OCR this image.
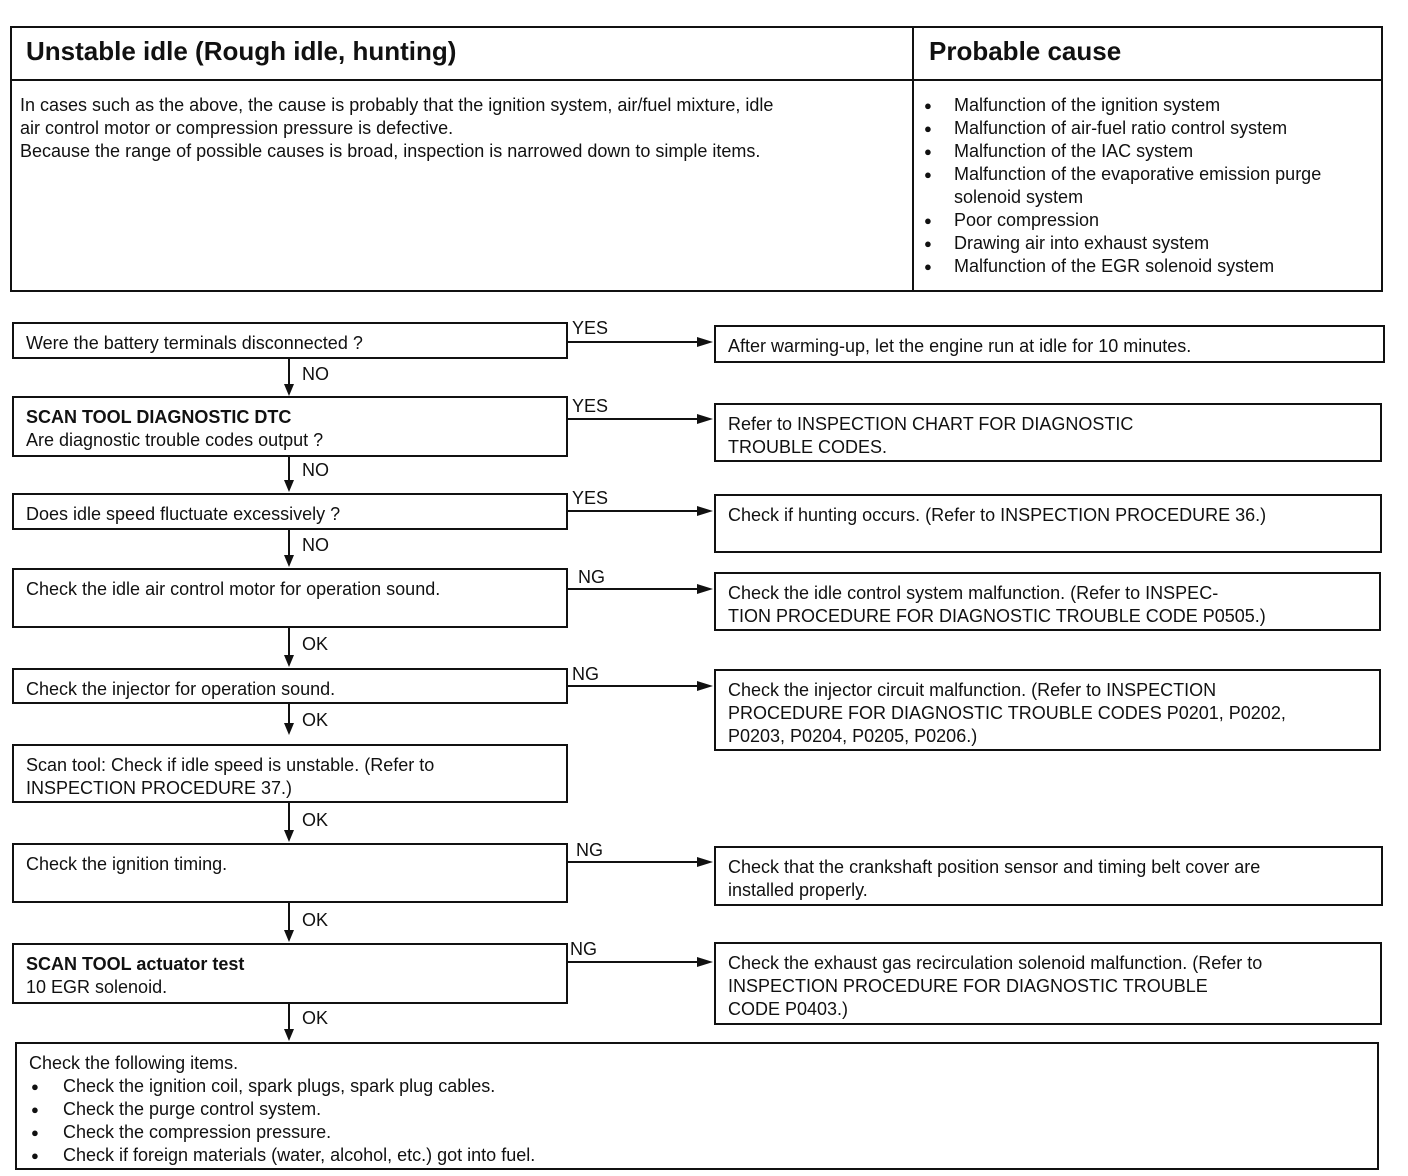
Unstable idle (Rough idle, hunting)	Probable cause
In cases such as the above, the cause is probably that the ignition system, air/fuel mixture, idle
air control motor or compression pressure is defective.
Because the range of possible causes is broad, inspection is narrowed down to simple items.
● Malfunction of the ignition system
● Malfunction of air-fuel ratio control system
● Malfunction of the IAC system
● Malfunction of the evaporative emission purge
solenoid system
● Poor compression
● Drawing air into exhaust system
● Malfunction of the EGR solenoid system
Were the battery terminals disconnected ?
YES
After warming-up, let the engine run at idle for 10 minutes.
NO
SCAN TOOL DIAGNOSTIC DTC
Are diagnostic trouble codes output ?
YES
Refer to INSPECTION CHART FOR DIAGNOSTIC
TROUBLE CODES.
NO
Does idle speed fluctuate excessively ?
YES
Check if hunting occurs. (Refer to INSPECTION PROCEDURE 36.)
NO
Check the idle air control motor for operation sound.
NG
Check the idle control system malfunction. (Refer to INSPEC-
TION PROCEDURE FOR DIAGNOSTIC TROUBLE CODE P0505.)
OK
Check the injector for operation sound.
NG
Check the injector circuit malfunction. (Refer to INSPECTION
PROCEDURE FOR DIAGNOSTIC TROUBLE CODES P0201, P0202,
P0203, P0204, P0205, P0206.)
OK
Scan tool: Check if idle speed is unstable. (Refer to
INSPECTION PROCEDURE 37.)
OK
Check the ignition timing.
NG
Check that the crankshaft position sensor and timing belt cover are
installed properly.
OK
SCAN TOOL actuator test
10 EGR solenoid.
NG
Check the exhaust gas recirculation solenoid malfunction. (Refer to
INSPECTION PROCEDURE FOR DIAGNOSTIC TROUBLE
CODE P0403.)
OK
Check the following items.
● Check the ignition coil, spark plugs, spark plug cables.
● Check the purge control system.
● Check the compression pressure.
● Check if foreign materials (water, alcohol, etc.) got into fuel.
